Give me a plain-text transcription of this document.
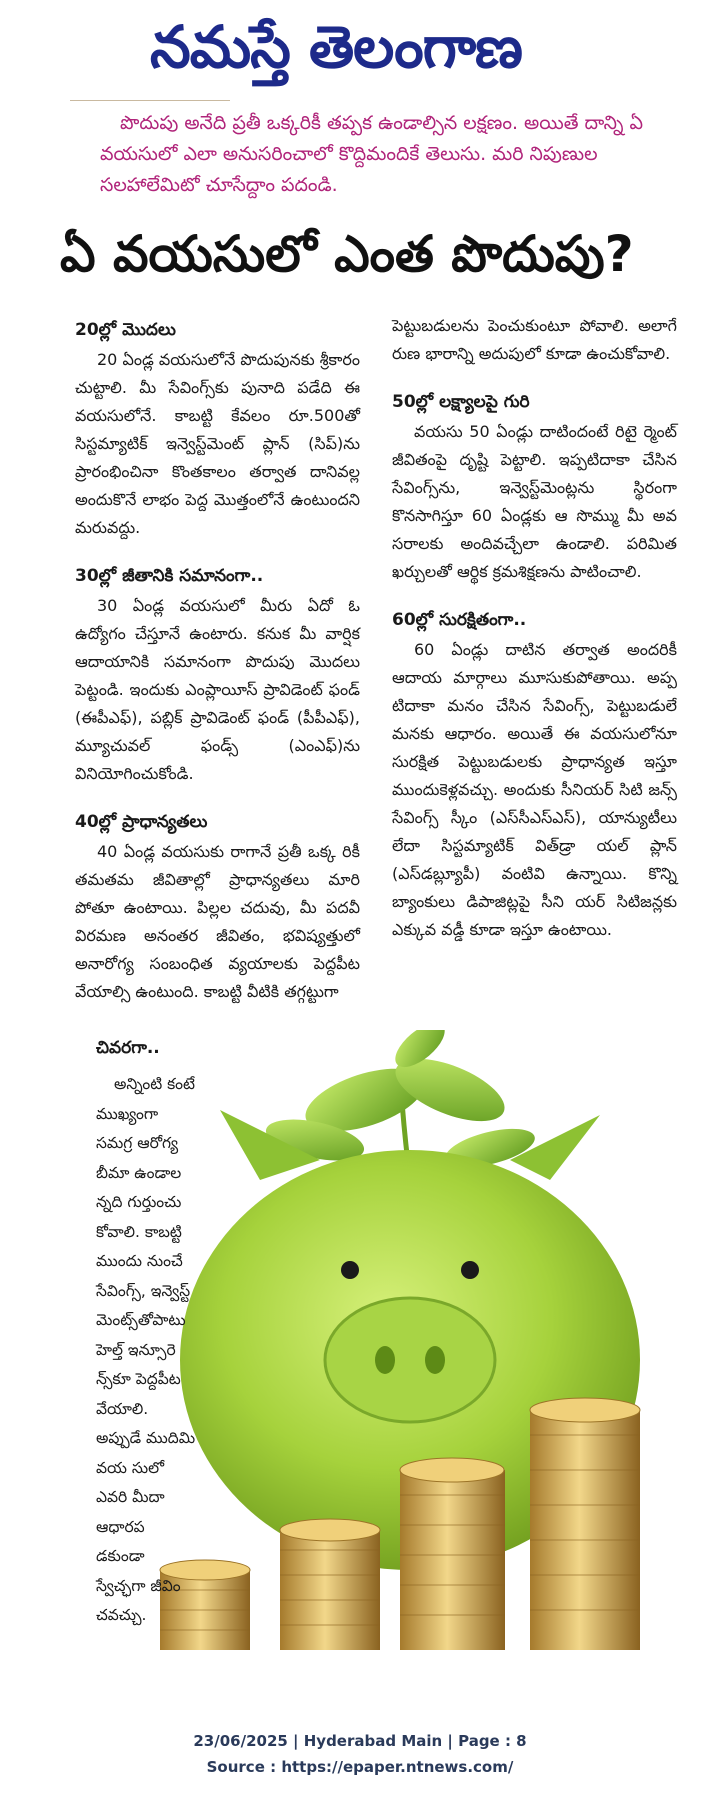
నమస్తే తెలంగాణ

పొదుపు అనేది ప్రతీ ఒక్కరికీ తప్పక ఉండాల్సిన లక్షణం. అయితే దాన్ని ఏ వయసులో ఎలా అనుసరించాలో కొద్దిమందికే తెలుసు. మరి నిపుణుల సలహాలేమిటో చూసేద్దాం పదండి.

ఏ వయసులో ఎంత పొదుపు?
20ల్లో మొదలు

20 ఏండ్ల వయసులోనే పొదుపునకు శ్రీకారం చుట్టాలి. మీ సేవింగ్స్‌కు పునాది పడేది ఈ వయసులోనే. కాబట్టి కేవలం రూ.500తో సిస్టమ్యాటిక్ ఇన్వెస్ట్‌మెంట్ ప్లాన్ (సిప్)ను ప్రారంభించినా కొంతకాలం తర్వాత దానివల్ల అందుకొనే లాభం పెద్ద మొత్తంలోనే ఉంటుందని మరువద్దు.

30ల్లో జీతానికి సమానంగా..

30 ఏండ్ల వయసులో మీరు ఏదో ఓ ఉద్యోగం చేస్తూనే ఉంటారు. కనుక మీ వార్షిక ఆదాయానికి సమానంగా పొదుపు మొదలు పెట్టండి. ఇందుకు ఎంప్లాయీస్ ప్రావిడెంట్ ఫండ్ (ఈపీఎఫ్), పబ్లిక్ ప్రావిడెంట్ ఫండ్ (పీపీఎఫ్), మ్యూచువల్ ఫండ్స్ (ఎంఎఫ్)ను వినియోగించుకోండి.

40ల్లో ప్రాధాన్యతలు

40 ఏండ్ల వయసుకు రాగానే ప్రతీ ఒక్క రికీ తమతమ జీవితాల్లో ప్రాధాన్యతలు మారి పోతూ ఉంటాయి. పిల్లల చదువు, మీ పదవీ విరమణ అనంతర జీవితం, భవిష్యత్తులో అనారోగ్య సంబంధిత వ్యయాలకు పెద్దపీట వేయాల్సి ఉంటుంది. కాబట్టి వీటికి తగ్గట్టుగా

పెట్టుబడులను పెంచుకుంటూ పోవాలి. అలాగే రుణ భారాన్ని అదుపులో కూడా ఉంచుకోవాలి.

50ల్లో లక్ష్యాలపై గురి

వయసు 50 ఏండ్లు దాటిందంటే రిటై ర్మెంట్ జీవితంపై దృష్టి పెట్టాలి. ఇప్పటిదాకా చేసిన సేవింగ్స్‌ను, ఇన్వెస్ట్‌మెంట్లను స్థిరంగా కొనసాగిస్తూ 60 ఏండ్లకు ఆ సొమ్ము మీ అవ సరాలకు అందివచ్చేలా ఉండాలి. పరిమిత ఖర్చులతో ఆర్థిక క్రమశిక్షణను పాటించాలి.

60ల్లో సురక్షితంగా..

60 ఏండ్లు దాటిన తర్వాత అందరికీ ఆదాయ మార్గాలు మూసుకుపోతాయి. అప్ప టిదాకా మనం చేసిన సేవింగ్స్, పెట్టుబడులే మనకు ఆధారం. అయితే ఈ వయసులోనూ సురక్షిత పెట్టుబడులకు ప్రాధాన్యత ఇస్తూ ముందుకెళ్లవచ్చు. అందుకు సీనియర్ సిటి జన్స్ సేవింగ్స్ స్కీం (ఎస్‌సీఎస్‌ఎస్), యాన్యుటీలు లేదా సిస్టమ్యాటిక్ విత్‌డ్రా యల్ ప్లాన్ (ఎస్‌డబ్ల్యూపీ) వంటివి ఉన్నాయి. కొన్ని బ్యాంకులు డిపాజిట్లపై సీని యర్ సిటిజన్లకు ఎక్కువ వడ్డీ కూడా ఇస్తూ ఉంటాయి.

చివరగా..

అన్నింటి కంటే ముఖ్యంగా సమగ్ర ఆరోగ్య బీమా ఉండాల న్నది గుర్తుంచు కోవాలి. కాబట్టి ముందు నుంచే సేవింగ్స్, ఇన్వెస్ట్ మెంట్స్‌తోపాటు హెల్త్ ఇన్సూరె న్స్‌కూ పెద్దపీట వేయాలి. అప్పుడే ముదిమి వయ సులో ఎవరి మీదా ఆధారప డకుండా స్వేచ్ఛగా జీవిం చవచ్చు.

23/06/2025 | Hyderabad Main | Page : 8
Source : https://epaper.ntnews.com/
